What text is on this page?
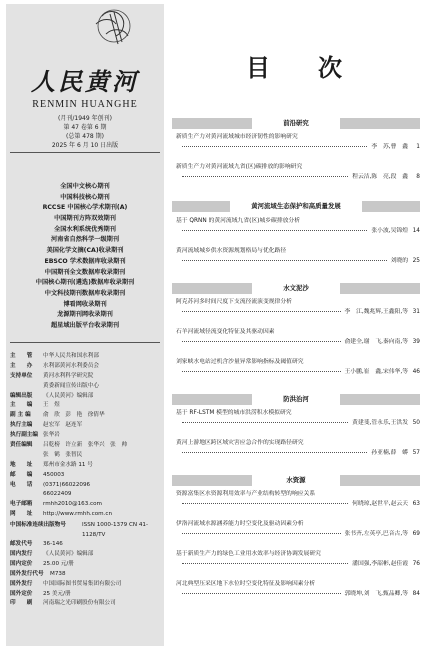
人民黄河
RENMIN HUANGHE
(月刊/1949 年创刊)
第 47 卷第 6 期
(总第 478 期)
2025 年 6 月 10 日出版
全国中文核心期刊
中国科技核心期刊
RCCSE 中国核心学术期刊(A)
中国期刊方阵双效期刊
全国水利系统优秀期刊
河南省自然科学一级期刊
美国化学文摘(CA)收录期刊
EBSCO 学术数据库收录期刊
中国期刊全文数据库收录期刊
中国核心期刊(遴选)数据库收录期刊
中文科技期刊数据库收录期刊
博看网收录期刊
龙源期刊网收录期刊
超星域出版平台收录期刊
主　　管	中华人民共和国水利部
主　　办	水利部黄河水利委员会
支持单位	黄河水利科学研究院
黄委新闻宣传出版中心
编辑出版	《人民黄河》编辑部
主　　编	王　煜
副 主 编	俞　欣　彭　艳　徐倩华
执行主编	赵宏军　赵连军
执行副主编 张华岩
责任编辑	吕乾榜　许立新　张华兴　张　帅
张　鹤　张智民
地　　址	郑州市金水路 11 号
邮　　编	450003
电　　话	(0371)66022096
66022409
电子邮箱	rmhh2010@163.com
网　　址	http://www.rmhh.com.cn
中国标准连续出版物号	ISSN 1000-1379 CN 41-1128/TV
邮发代号	36-146
国内发行	《人民黄河》编辑部
国内定价	25.00 元/册
国外发行代号	M738
国外发行	中国国际图书贸易集团有限公司
国外定价	25 美元/册
印　　刷	河南瑞之光印刷股份有限公司
目　次
前沿研究
新质生产力对黄河流域城市经济韧性的影响研究
李　苏,曹　鑫	1
新质生产力对黄河流域九省(区)碳排放的影响研究
程云洁,陈　亮,段　鑫	8
黄河流域生态保护和高质量发展
基于 QRNN 的黄河流域九省(区)城乡碳排放分析
张小波,吴锦煌 14
黄河流域城乡供水资源规划格局与优化路径
刘晓的 25
水文泥沙
阿克苏河多时间尺度下支流径流演变规律分析
李　江,魏兆辉,王鑫阳,等 31
石羊河流域径流变化特征及其驱动因素
俞建全,谢　飞,秦向南,等 39
刘家峡水电站过机含沙量异常影响指标及阈值研究
王小鹏,崔　鑫,宋伟华,等 46
防洪治河
基于 RF-LSTM 模型的城市洪涝积水模拟研究
黄建斐,管永乐,王洪发 50
黄河上游地区跨区域灾害应急合作的实现路径研究
孙亚楠,薛　蟒 57
水资源
资源富集区水资源利用效率与产业结构转型的响应关系
何晓琼,赵世平,赵云天 63
伊洛河流域水源涵养能力时空变化及驱动因素分析
张书齐,左英亭,巴音古,等 69
基于新质生产力的绿色工业用水效率与经济协调发展研究
潘国强,李韶彬,赵佳霞 76
河北典型压采区地下水位时空变化特征及影响因素分析
郭晓坤,刘　飞,甄品卿,等 84
